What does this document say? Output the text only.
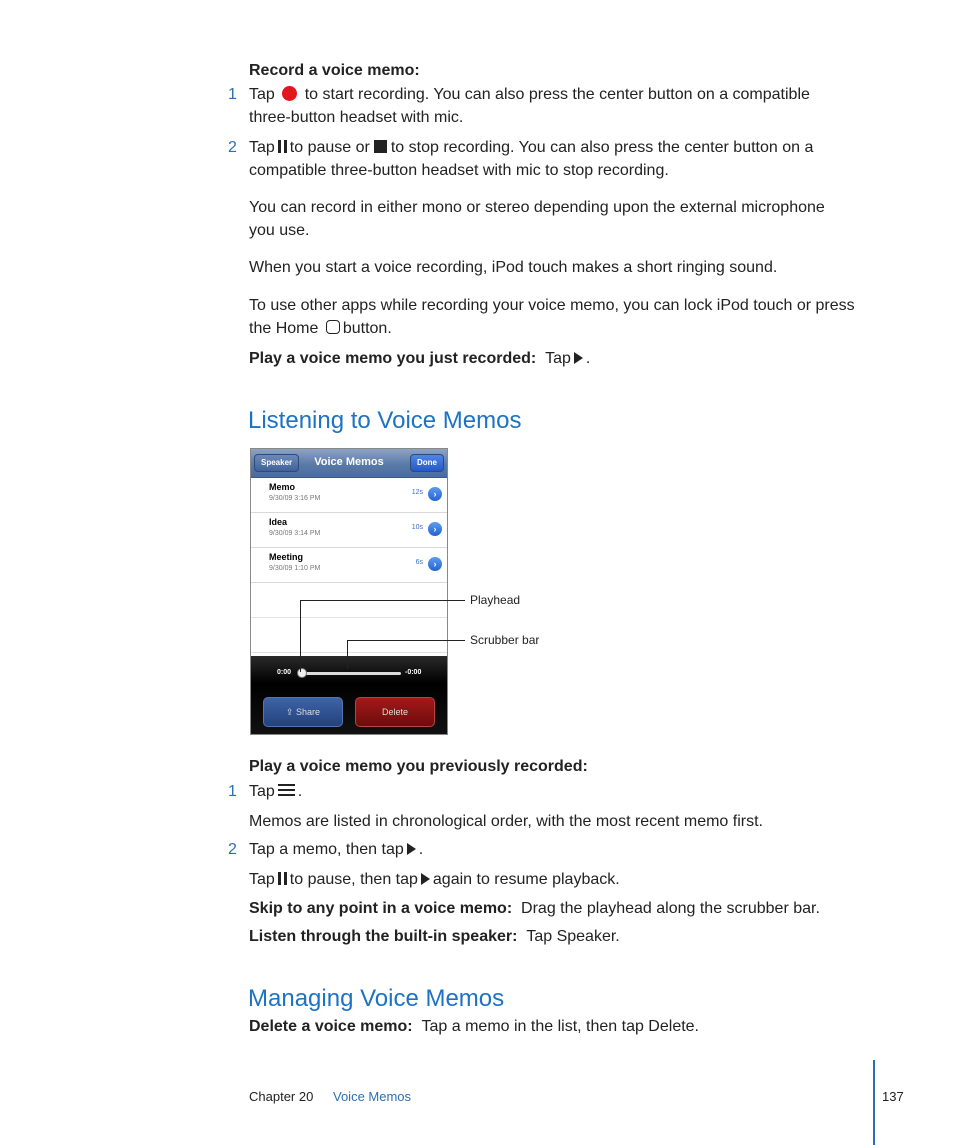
Record a voice memo:
1 Tap to start recording. You can also press the center button on a compatible
three-button headset with mic.
2 Tap to pause or to stop recording. You can also press the center button on a
compatible three-button headset with mic to stop recording.
You can record in either mono or stereo depending upon the external microphone
you use.
When you start a voice recording, iPod touch makes a short ringing sound.
To use other apps while recording your voice memo, you can lock iPod touch or press
the Home button.
Play a voice memo you just recorded: Tap .
Listening to Voice Memos
Speaker	Voice Memos	Done
Memo
9/30/09 3:16 PM
12s	›
Idea
9/30/09 3:14 PM
10s	›
Meeting
9/30/09 1:10 PM
6s	›
0:00	-0:00
⇪ Share	Delete
Playhead
Scrubber bar
Play a voice memo you previously recorded:
1 Tap .
Memos are listed in chronological order, with the most recent memo first.
2 Tap a memo, then tap .
Tap to pause, then tap again to resume playback.
Skip to any point in a voice memo: Drag the playhead along the scrubber bar.
Listen through the built-in speaker: Tap Speaker.
Managing Voice Memos
Delete a voice memo: Tap a memo in the list, then tap Delete.
Chapter 20 Voice Memos	137
